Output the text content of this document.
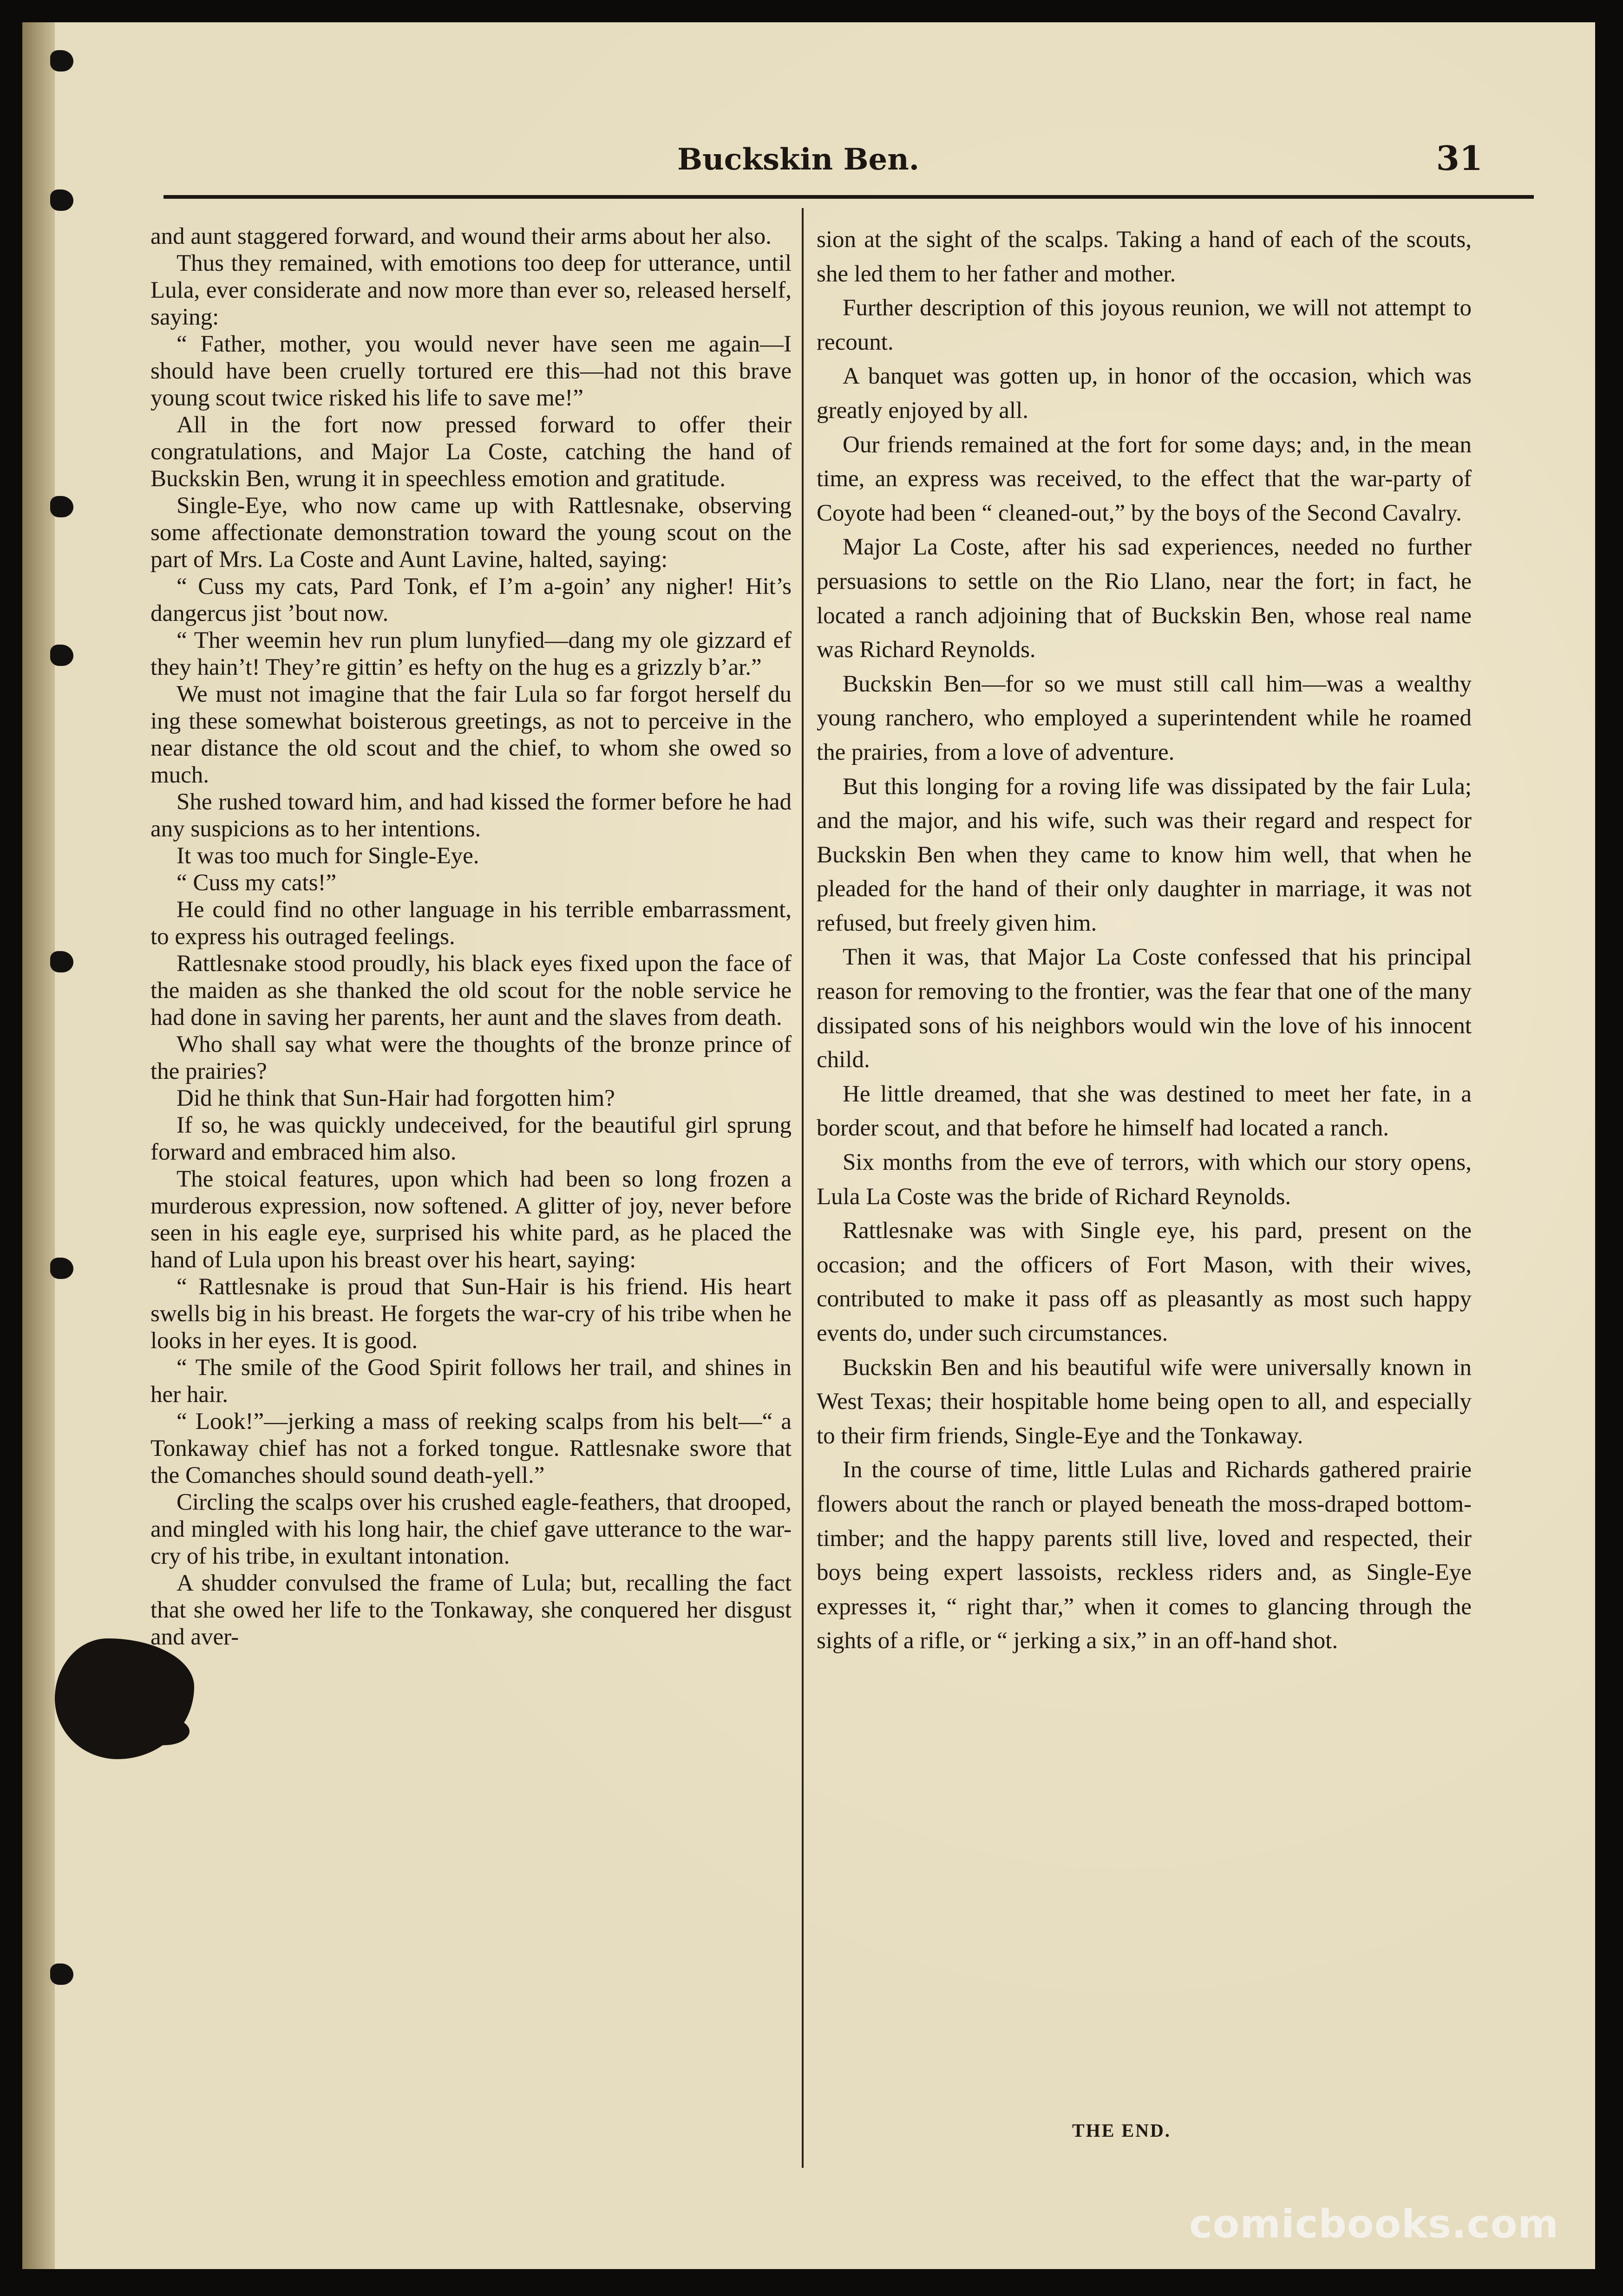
Buckskin Ben.	31

and aunt staggered forward, and wound their arms about her also.

Thus they remained, with emotions too deep for utterance, until Lula, ever considerate and now more than ever so, released herself, saying:

“ Father, mother, you would never have seen me again—I should have been cruelly tortured ere this—had not this brave young scout twice risked his life to save me!”

All in the fort now pressed forward to offer their congratulations, and Major La Coste, catching the hand of Buckskin Ben, wrung it in speechless emotion and gratitude.

Single-Eye, who now came up with Rattlesnake, observing some affectionate demonstration toward the young scout on the part of Mrs. La Coste and Aunt Lavine, halted, saying:

“ Cuss my cats, Pard Tonk, ef I’m a-goin’ any nigher! Hit’s dangercus jist ’bout now.

“ Ther weemin hev run plum lunyfied—dang my ole gizzard ef they hain’t! They’re gittin’ es hefty on the hug es a grizzly b’ar.”

We must not imagine that the fair Lula so far forgot herself du ing these somewhat boisterous greetings, as not to perceive in the near distance the old scout and the chief, to whom she owed so much.

She rushed toward him, and had kissed the former before he had any suspicions as to her intentions.

It was too much for Single-Eye.

“ Cuss my cats!”

He could find no other language in his terrible embarrassment, to express his outraged feelings.

Rattlesnake stood proudly, his black eyes fixed upon the face of the maiden as she thanked the old scout for the noble service he had done in saving her parents, her aunt and the slaves from death.

Who shall say what were the thoughts of the bronze prince of the prairies?

Did he think that Sun-Hair had forgotten him?

If so, he was quickly undeceived, for the beautiful girl sprung forward and embraced him also.

The stoical features, upon which had been so long frozen a murderous expression, now softened. A glitter of joy, never before seen in his eagle eye, surprised his white pard, as he placed the hand of Lula upon his breast over his heart, saying:

“ Rattlesnake is proud that Sun-Hair is his friend. His heart swells big in his breast. He forgets the war-cry of his tribe when he looks in her eyes. It is good.

“ The smile of the Good Spirit follows her trail, and shines in her hair.

“ Look!”—jerking a mass of reeking scalps from his belt—“ a Tonkaway chief has not a forked tongue. Rattlesnake swore that the Comanches should sound death-yell.”

Circling the scalps over his crushed eagle-feathers, that drooped, and mingled with his long hair, the chief gave utterance to the war-cry of his tribe, in exultant intonation.

A shudder convulsed the frame of Lula; but, recalling the fact that she owed her life to the Tonkaway, she conquered her disgust and aver-

sion at the sight of the scalps. Taking a hand of each of the scouts, she led them to her father and mother.

Further description of this joyous reunion, we will not attempt to recount.

A banquet was gotten up, in honor of the occasion, which was greatly enjoyed by all.

Our friends remained at the fort for some days; and, in the mean time, an express was received, to the effect that the war-party of Coyote had been “ cleaned-out,” by the boys of the Second Cavalry.

Major La Coste, after his sad experiences, needed no further persuasions to settle on the Rio Llano, near the fort; in fact, he located a ranch adjoining that of Buckskin Ben, whose real name was Richard Reynolds.

Buckskin Ben—for so we must still call him—was a wealthy young ranchero, who employed a superintendent while he roamed the prairies, from a love of adventure.

But this longing for a roving life was dissipated by the fair Lula; and the major, and his wife, such was their regard and respect for Buckskin Ben when they came to know him well, that when he pleaded for the hand of their only daughter in marriage, it was not refused, but freely given him.

Then it was, that Major La Coste confessed that his principal reason for removing to the frontier, was the fear that one of the many dissipated sons of his neighbors would win the love of his innocent child.

He little dreamed, that she was destined to meet her fate, in a border scout, and that before he himself had located a ranch.

Six months from the eve of terrors, with which our story opens, Lula La Coste was the bride of Richard Reynolds.

Rattlesnake was with Single eye, his pard, present on the occasion; and the officers of Fort Mason, with their wives, contributed to make it pass off as pleasantly as most such happy events do, under such circumstances.

Buckskin Ben and his beautiful wife were universally known in West Texas; their hospitable home being open to all, and especially to their firm friends, Single-Eye and the Tonkaway.

In the course of time, little Lulas and Richards gathered prairie flowers about the ranch or played beneath the moss-draped bottom-timber; and the happy parents still live, loved and respected, their boys being expert lassoists, reckless riders and, as Single-Eye expresses it, “ right thar,” when it comes to glancing through the sights of a rifle, or “ jerking a six,” in an off-hand shot.

THE END.
comicbooks.com
